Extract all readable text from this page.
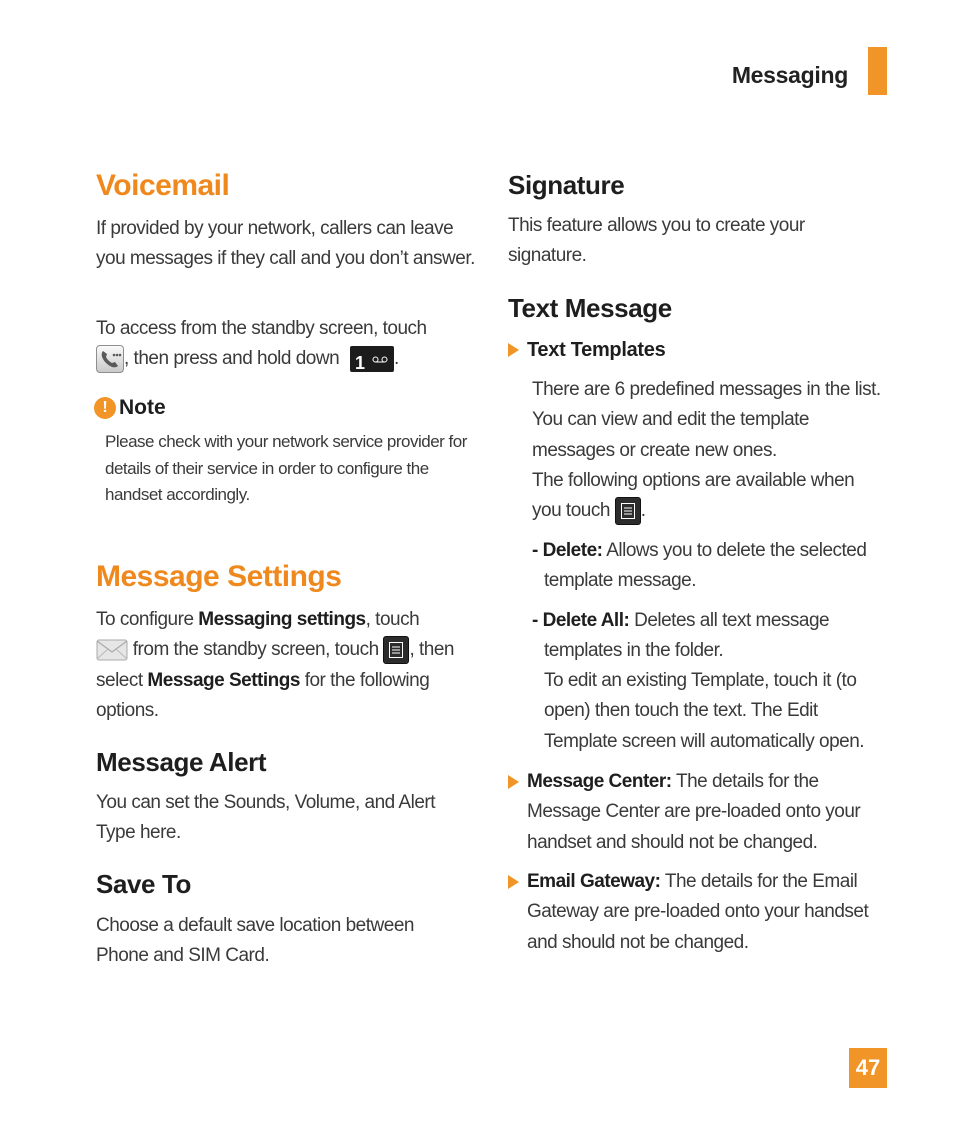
Messaging
Voicemail

If provided by your network, callers can leave you messages if they call and you don’t answer.

To access from the standby screen, touch
, then press and hold down 1 .

! Note
Please check with your network service provider for details of their service in order to configure the handset accordingly.
Message Settings

To configure Messaging settings, touch
from the standby screen, touch , then select Message Settings for the following options.

Message Alert

You can set the Sounds, Volume, and Alert Type here.

Save To

Choose a default save location between Phone and SIM Card.

Signature

This feature allows you to create your signature.

Text Message
Text Templates

There are 6 predefined messages in the list. You can view and edit the template messages or create new ones.

The following options are available when you touch .

- Delete: Allows you to delete the selected template message.

- Delete All: Deletes all text message templates in the folder.

To edit an existing Template, touch it (to open) then touch the text. The Edit Template screen will automatically open.

Message Center: The details for the Message Center are pre-loaded onto your handset and should not be changed.

Email Gateway: The details for the Email Gateway are pre-loaded onto your handset and should not be changed.

47
